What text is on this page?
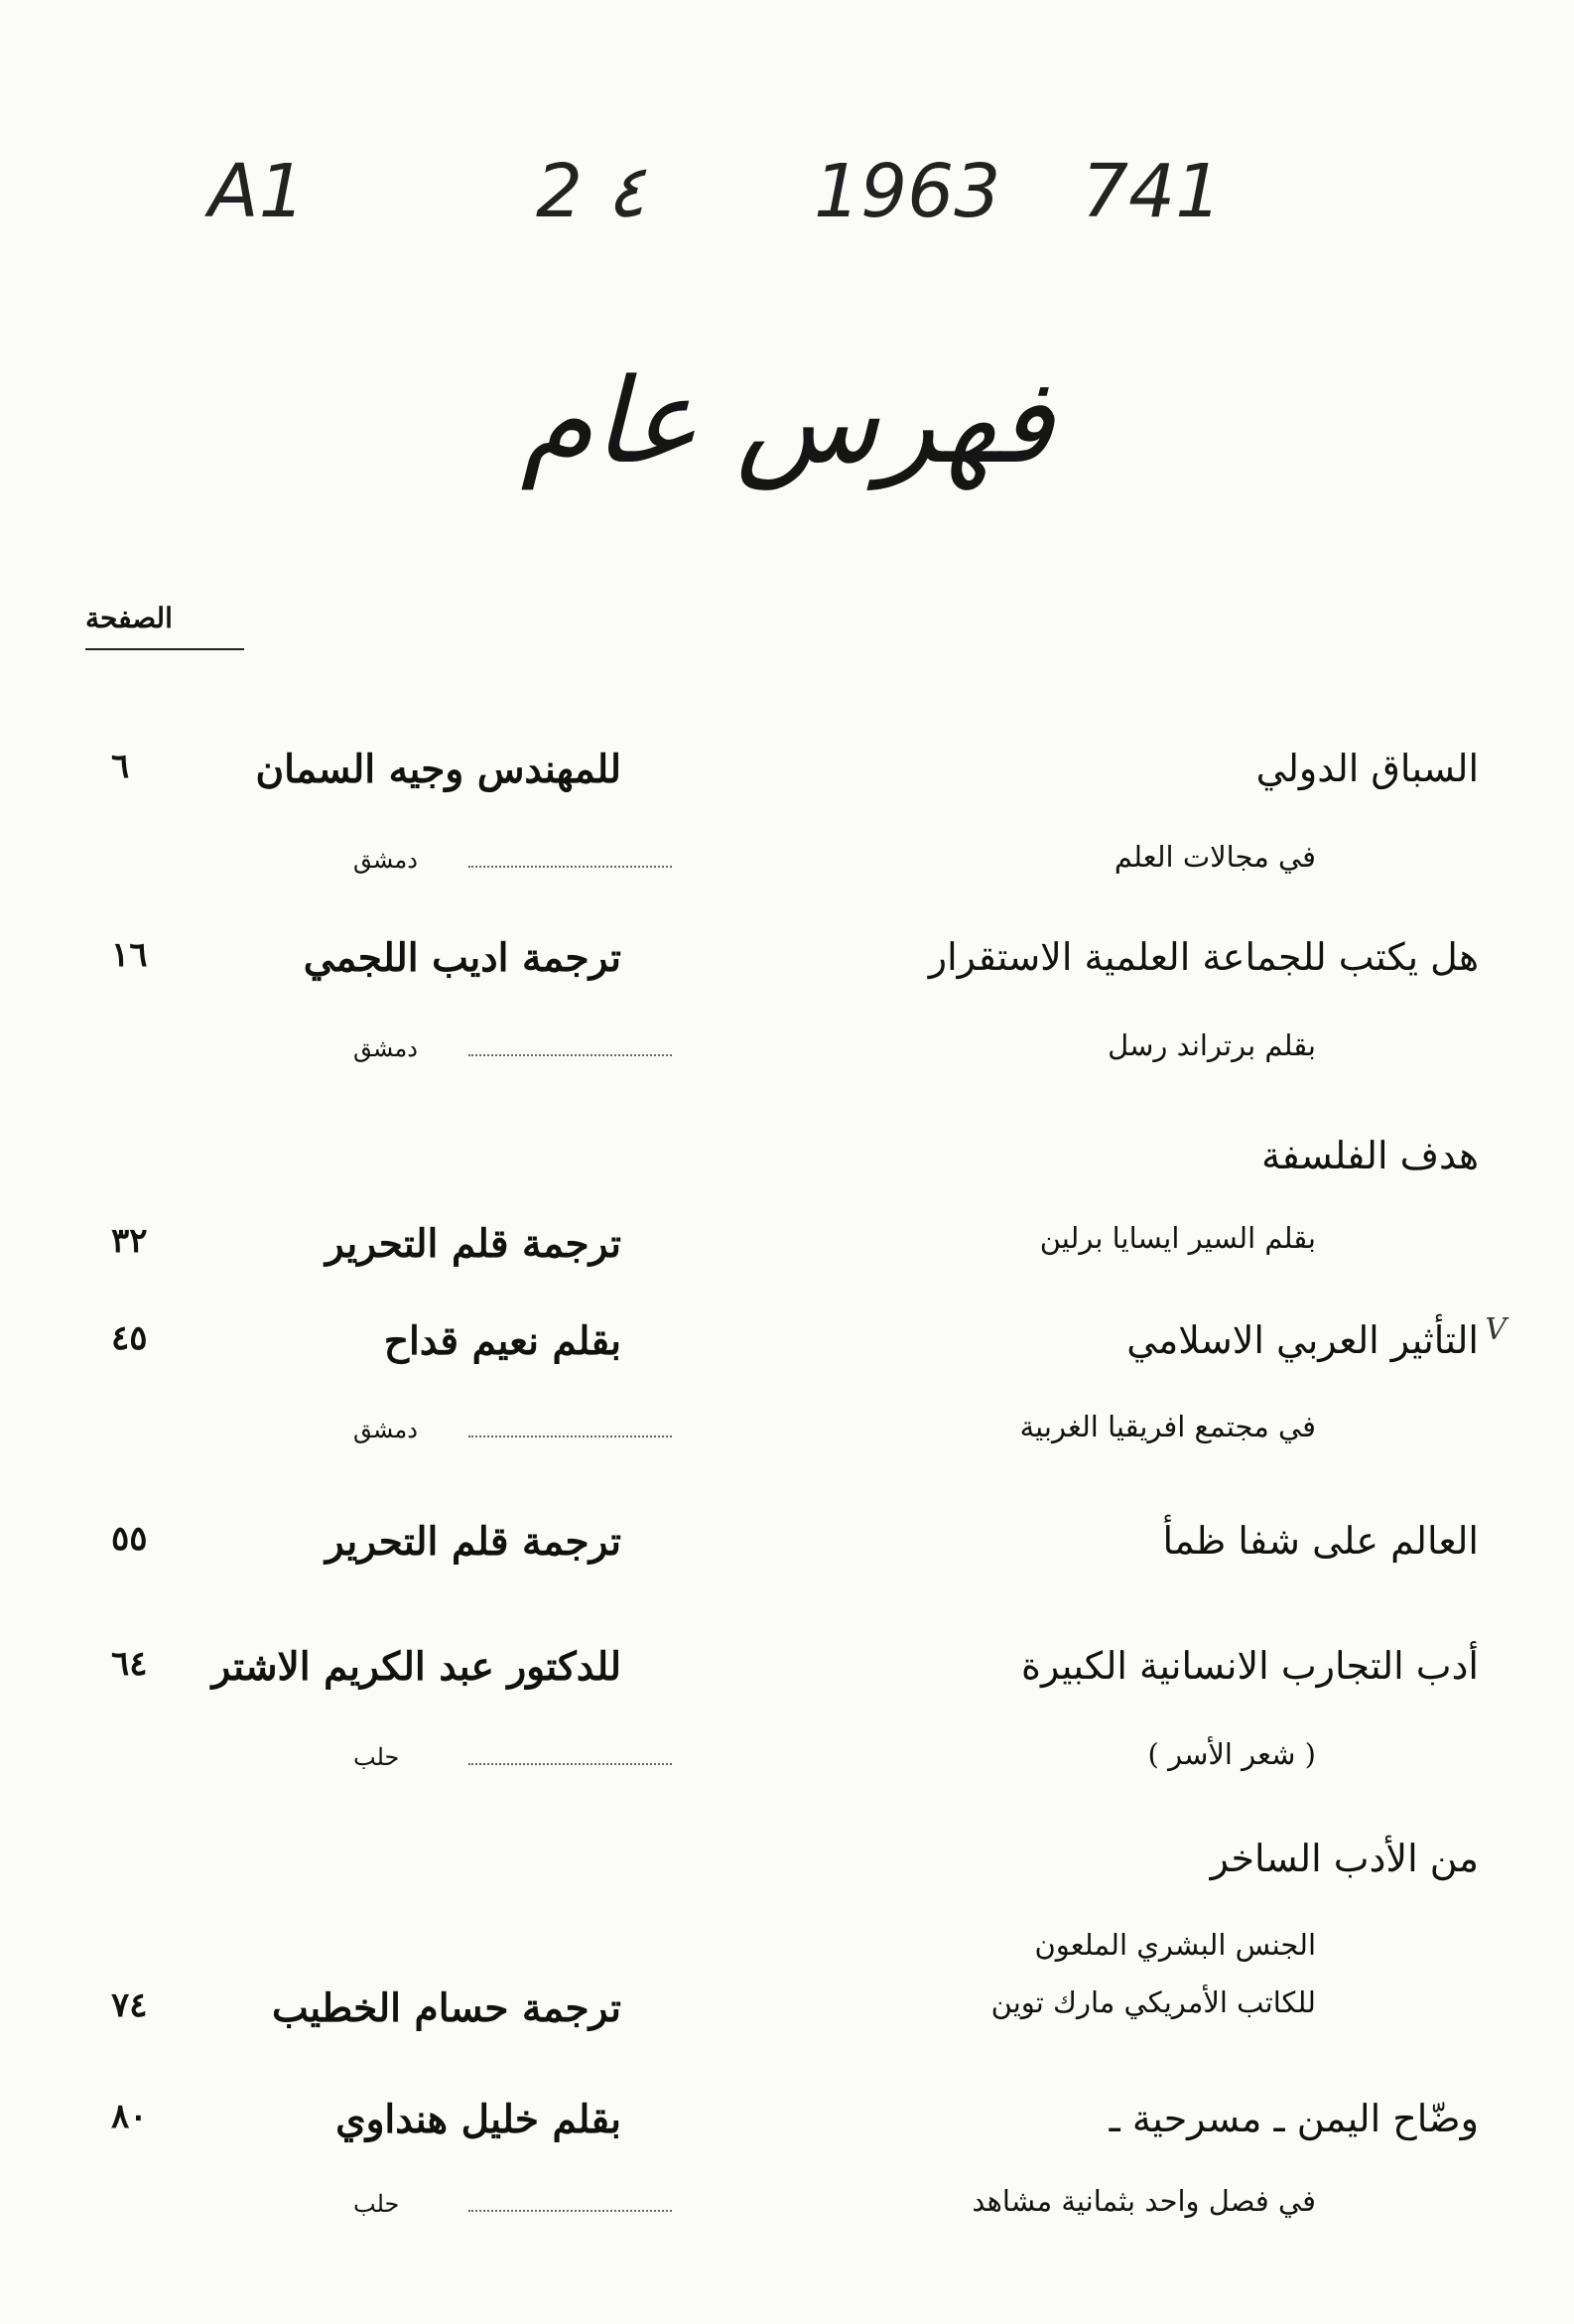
A1	2 ٤ 1963 741
فهرس عام
الصفحة
السباق الدولي
للمهندس وجيه السمان
٦
في مجالات العلم
دمشق
هل يكتب للجماعة العلمية الاستقرار
ترجمة اديب اللجمي
١٦
بقلم برتراند رسل
دمشق
هدف الفلسفة
بقلم السير ايسايا برلين
ترجمة قلم التحرير
٣٢
التأثير العربي الاسلامي
بقلم نعيم قداح
٤٥	V
في مجتمع افريقيا الغربية
دمشق
العالم على شفا ظمأ
ترجمة قلم التحرير
٥٥
أدب التجارب الانسانية الكبيرة
للدكتور عبد الكريم الاشتر
٦٤
( شعر الأسر )
حلب
من الأدب الساخر
الجنس البشري الملعون
للكاتب الأمريكي مارك توين
ترجمة حسام الخطيب
٧٤
وضّاح اليمن ـ مسرحية ـ
بقلم خليل هنداوي
٨٠
في فصل واحد بثمانية مشاهد
حلب
